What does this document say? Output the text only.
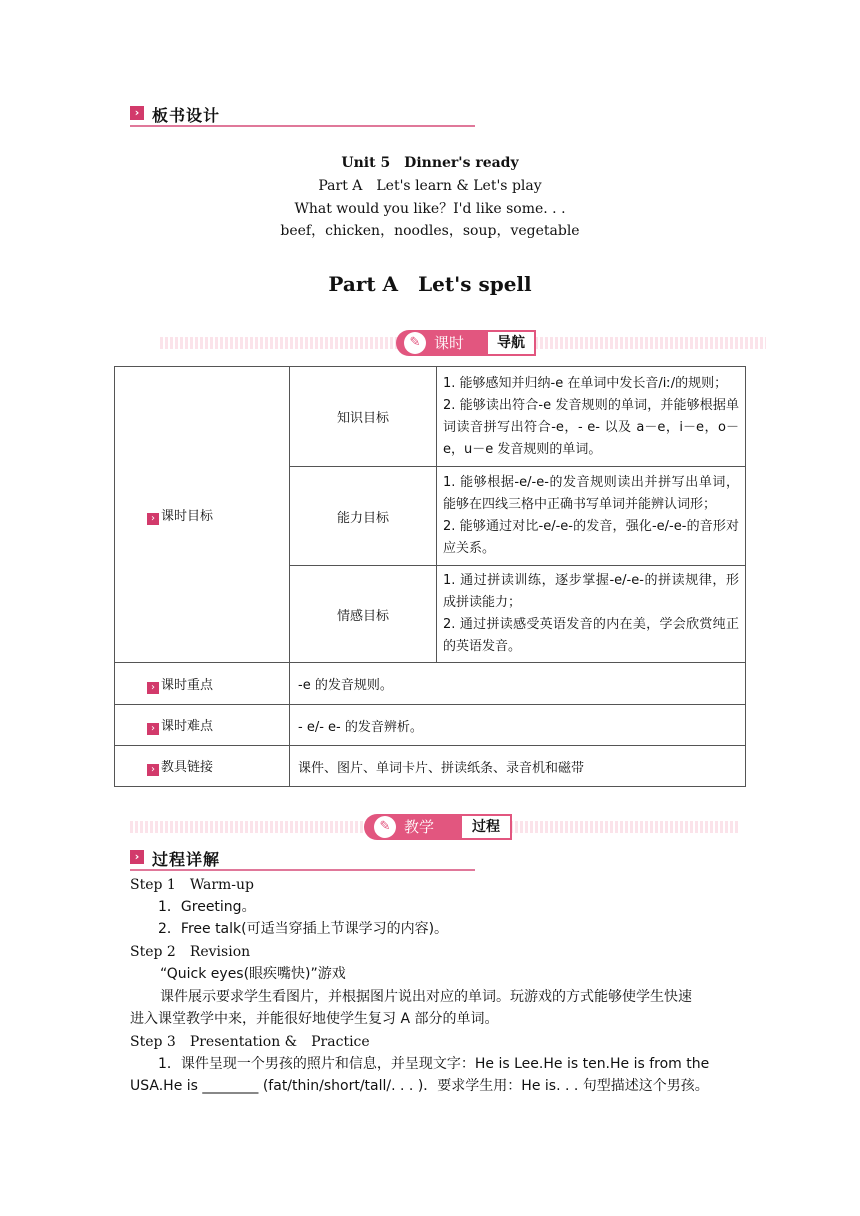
› 板书设计
Unit 5　Dinner's ready
Part A　Let's learn & Let's play
What would you like？I'd like some. . .
beef，chicken，noodles，soup，vegetable
Part A　Let's spell
课时
✎	导航
› 课时目标	知识目标	1. 能够感知并归纳-e 在单词中发长音/iː/的规则；
2. 能够读出符合-e 发音规则的单词，并能够根据单词读音拼写出符合-e，- e- 以及 a－e，i－e，o－e，u－e 发音规则的单词。

	能力目标	1. 能够根据-e/-e-的发音规则读出并拼写出单词，能够在四线三格中正确书写单词并能辨认词形；
2. 能够通过对比-e/-e-的发音，强化-e/-e-的音形对应关系。

	情感目标	1. 通过拼读训练，逐步掌握-e/-e-的拼读规律，形成拼读能力；
2. 通过拼读感受英语发音的内在美，学会欣赏纯正的英语发音。

› 课时重点	-e 的发音规则。	
› 课时难点	- e/- e- 的发音辨析。	
› 教具链接	课件、图片、单词卡片、拼读纸条、录音机和磁带	
教学
✎	过程
› 过程详解
Step 1　Warm-up
1．Greeting。
2．Free talk(可适当穿插上节课学习的内容)。
Step 2　Revision
“Quick eyes(眼疾嘴快)”游戏
课件展示要求学生看图片，并根据图片说出对应的单词。玩游戏的方式能够使学生快速
进入课堂教学中来，并能很好地使学生复习 A 部分的单词。
Step 3　Presentation &　Practice
1．课件呈现一个男孩的照片和信息，并呈现文字：He is Lee.He is ten.He is from the
USA.He is ________ (fat/thin/short/tall/. . . )．要求学生用：He is. . . 句型描述这个男孩。
